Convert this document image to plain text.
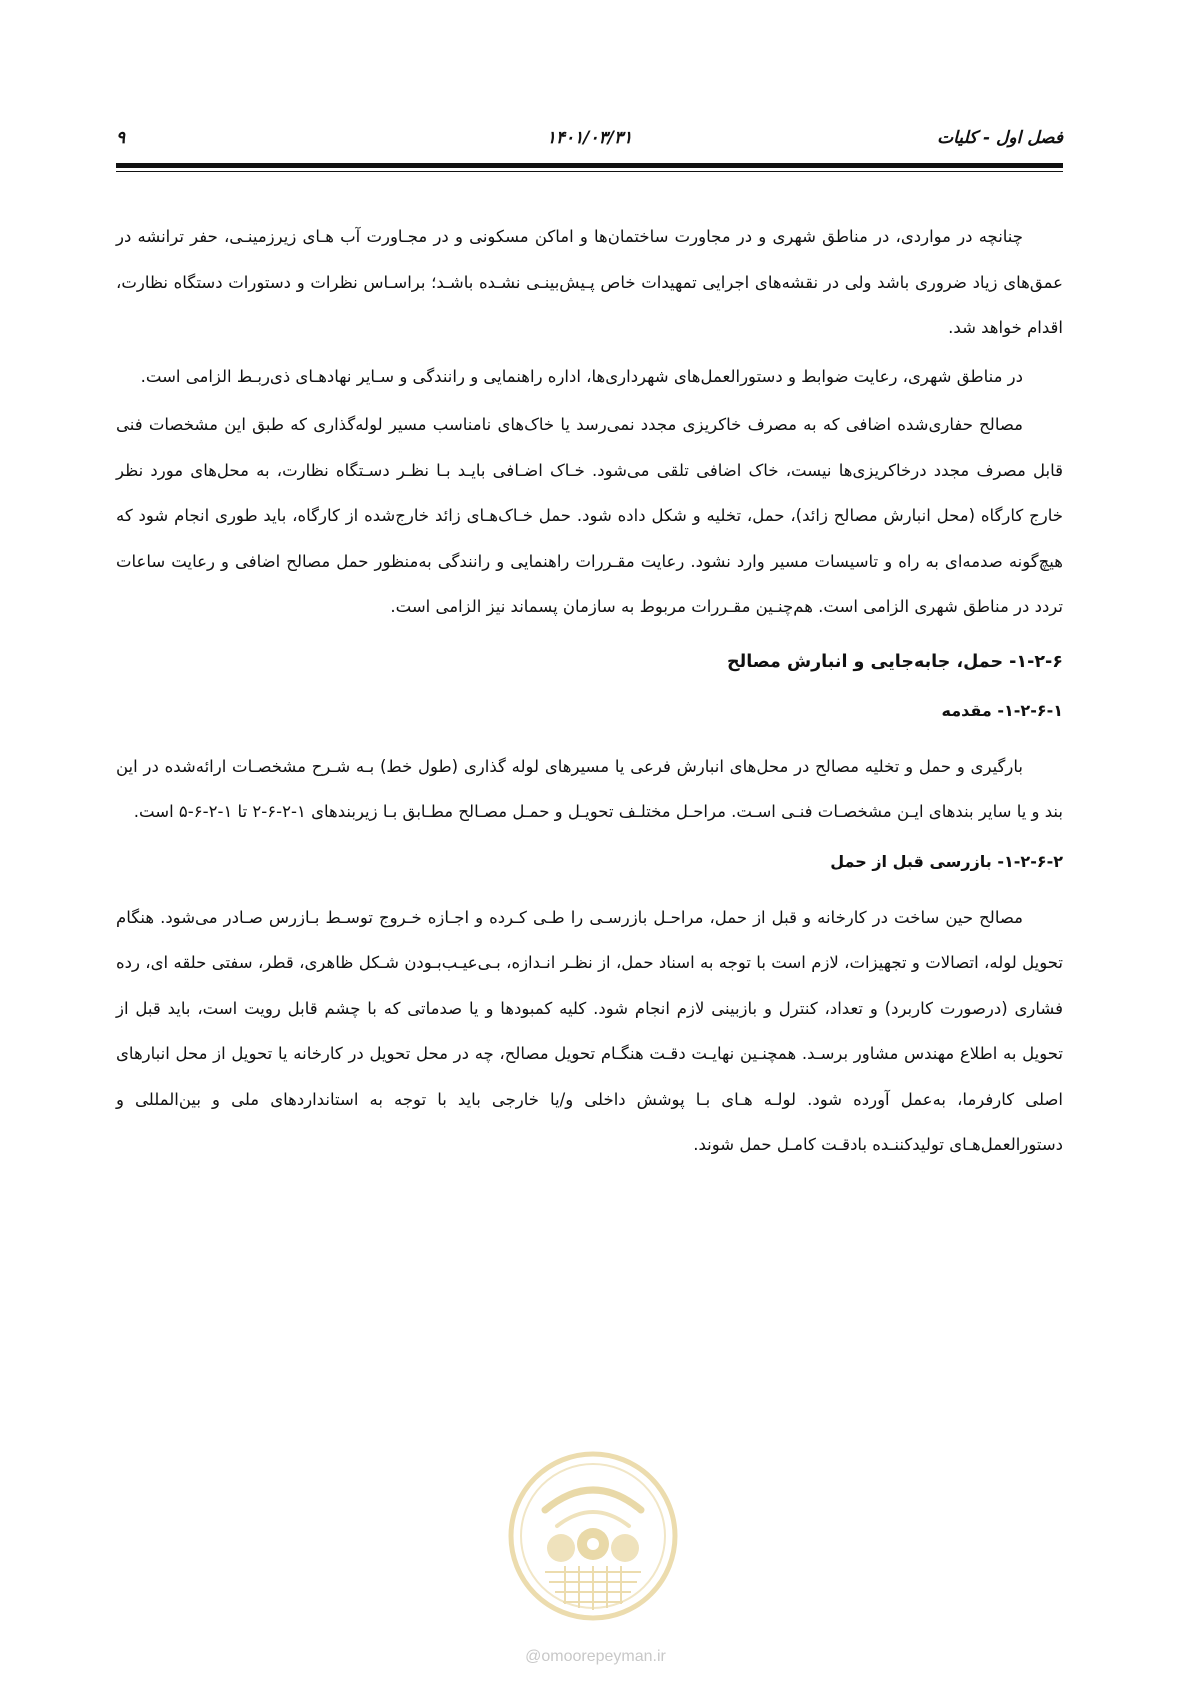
فصل اول - کلیات
۱۴۰۱/۰۳/۳۱
۹

چنانچه در مواردی، در مناطق شهری و در مجاورت ساختمان‌ها و اماکن مسکونی و در مجـاورت آب هـای زیرزمینـی، حفر ترانشه در عمق‌های زیاد ضروری باشد ولی در نقشه‌های اجرایی تمهیدات خاص پـیش‌بینـی نشـده باشـد؛ براسـاس نظرات و دستورات دستگاه نظارت، اقدام خواهد شد.

در مناطق شهری، رعایت ضوابط و دستورالعمل‌های شهرداری‌ها، اداره راهنمایی و رانندگی و سـایر نهادهـای ذی‌ربـط الزامی است.

مصالح حفاری‌شده اضافی که به مصرف خاکریزی مجدد نمی‌رسد یا خاک‌های نامناسب مسیر لوله‌گذاری که طبق این مشخصات فنی قابل مصرف مجدد درخاکریزی‌ها نیست، خاک اضافی تلقی می‌شود. خـاک اضـافی بایـد بـا نظـر دسـتگاه نظارت، به محل‌های مورد نظر خارج کارگاه (محل انبارش مصالح زائد)، حمل، تخلیه و شکل داده شود. حمل خـاک‌هـای زائد خارج‌شده از کارگاه، باید طوری انجام شود که هیچ‌گونه صدمه‌ای به راه و تاسیسات مسیر وارد نشود. رعایت مقـررات راهنمایی و رانندگی به‌منظور حمل مصالح اضافی و رعایت ساعات تردد در مناطق شهری الزامی است. هم‌چنـین مقـررات مربوط به سازمان پسماند نیز الزامی است.

۱-۲-۶- حمل، جابه‌جایی و انبارش مصالح
۱-۲-۶-۱- مقدمه

بارگیری و حمل و تخلیه مصالح در محل‌های انبارش فرعی یا مسیرهای لوله گذاری (طول خط) بـه شـرح مشخصـات ارائه‌شده در این بند و یا سایر بندهای ایـن مشخصـات فنـی اسـت. مراحـل مختلـف تحویـل و حمـل مصـالح مطـابق بـا زیربندهای ۱-۲-۶-۲ تا ۱-۲-۶-۵ است.

۱-۲-۶-۲- بازرسی قبل از حمل

مصالح حین ساخت در کارخانه و قبل از حمل، مراحـل بازرسـی را طـی کـرده و اجـازه خـروج توسـط بـازرس صـادر می‌شود. هنگام تحویل لوله، اتصالات و تجهیزات، لازم است با توجه به اسناد حمل، از نظـر انـدازه، بـی‌عیـب‌بـودن شـکل ظاهری، قطر، سفتی حلقه ای، رده فشاری (درصورت کاربرد) و تعداد، کنترل و بازبینی لازم انجام شود. کلیه کمبودها و یا صدماتی که با چشم قابل رویت است، باید قبل از تحویل به اطلاع مهندس مشاور برسـد. همچنـین نهایـت دقـت هنگـام تحویل مصالح، چه در محل تحویل در کارخانه یا تحویل از محل انبارهای اصلی کارفرما، به‌عمل آورده شود. لولـه هـای بـا پوشش داخلی و/یا خارجی باید با توجه به استانداردهای ملی و بین‌المللی و دستورالعمل‌هـای تولیدکننـده بادقـت کامـل حمل شوند.

@omoorepeyman.ir
